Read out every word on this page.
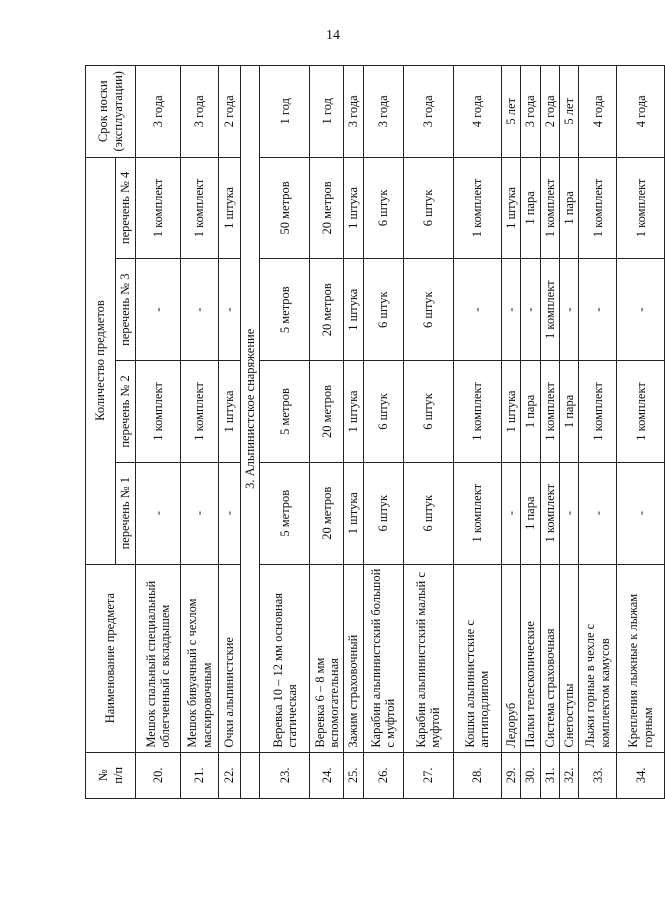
14
№
п/п	Наименование предмета	Количество предметов				Срок носки
(эксплуатации)
		перечень № 1	перечень № 2	перечень № 3	перечень № 4	
20.	Мешок спальный специальный облегченный с вкладышем	-	1 комплект	-	1 комплект	3 года
21.	Мешок бивуачный с чехлом маскировочным	-	1 комплект	-	1 комплект	3 года
22.	Очки альпинистские	-	1 штука	-	1 штука	2 года
	3. Альпинистское снаряжение					
23.	Веревка 10 – 12 мм основная статическая	5 метров	5 метров	5 метров	50 метров	1 год
24.	Веревка 6 – 8 мм вспомогательная	20 метров	20 метров	20 метров	20 метров	1 год
25.	Зажим страховочный	1 штука	1 штука	1 штука	1 штука	3 года
26.	Карабин альпинистский большой с муфтой	6 штук	6 штук	6 штук	6 штук	3 года
27.	Карабин альпинистский малый с муфтой	6 штук	6 штук	6 штук	6 штук	3 года
28.	Кошки альпинистские с антиподлипом	1 комплект	1 комплект	-	1 комплект	4 года
29.	Ледоруб	-	1 штука	-	1 штука	5 лет
30.	Палки телескопические	1 пара	1 пара	-	1 пара	3 года
31.	Система страховочная	1 комплект	1 комплект	1 комплект	1 комплект	2 года
32.	Снегоступы	-	1 пара	-	1 пара	5 лет
33.	Лыжи горные в чехле с комплектом камусов	-	1 комплект	-	1 комплект	4 года
34.	Крепления лыжные к лыжам горным	-	1 комплект	-	1 комплект	4 года
